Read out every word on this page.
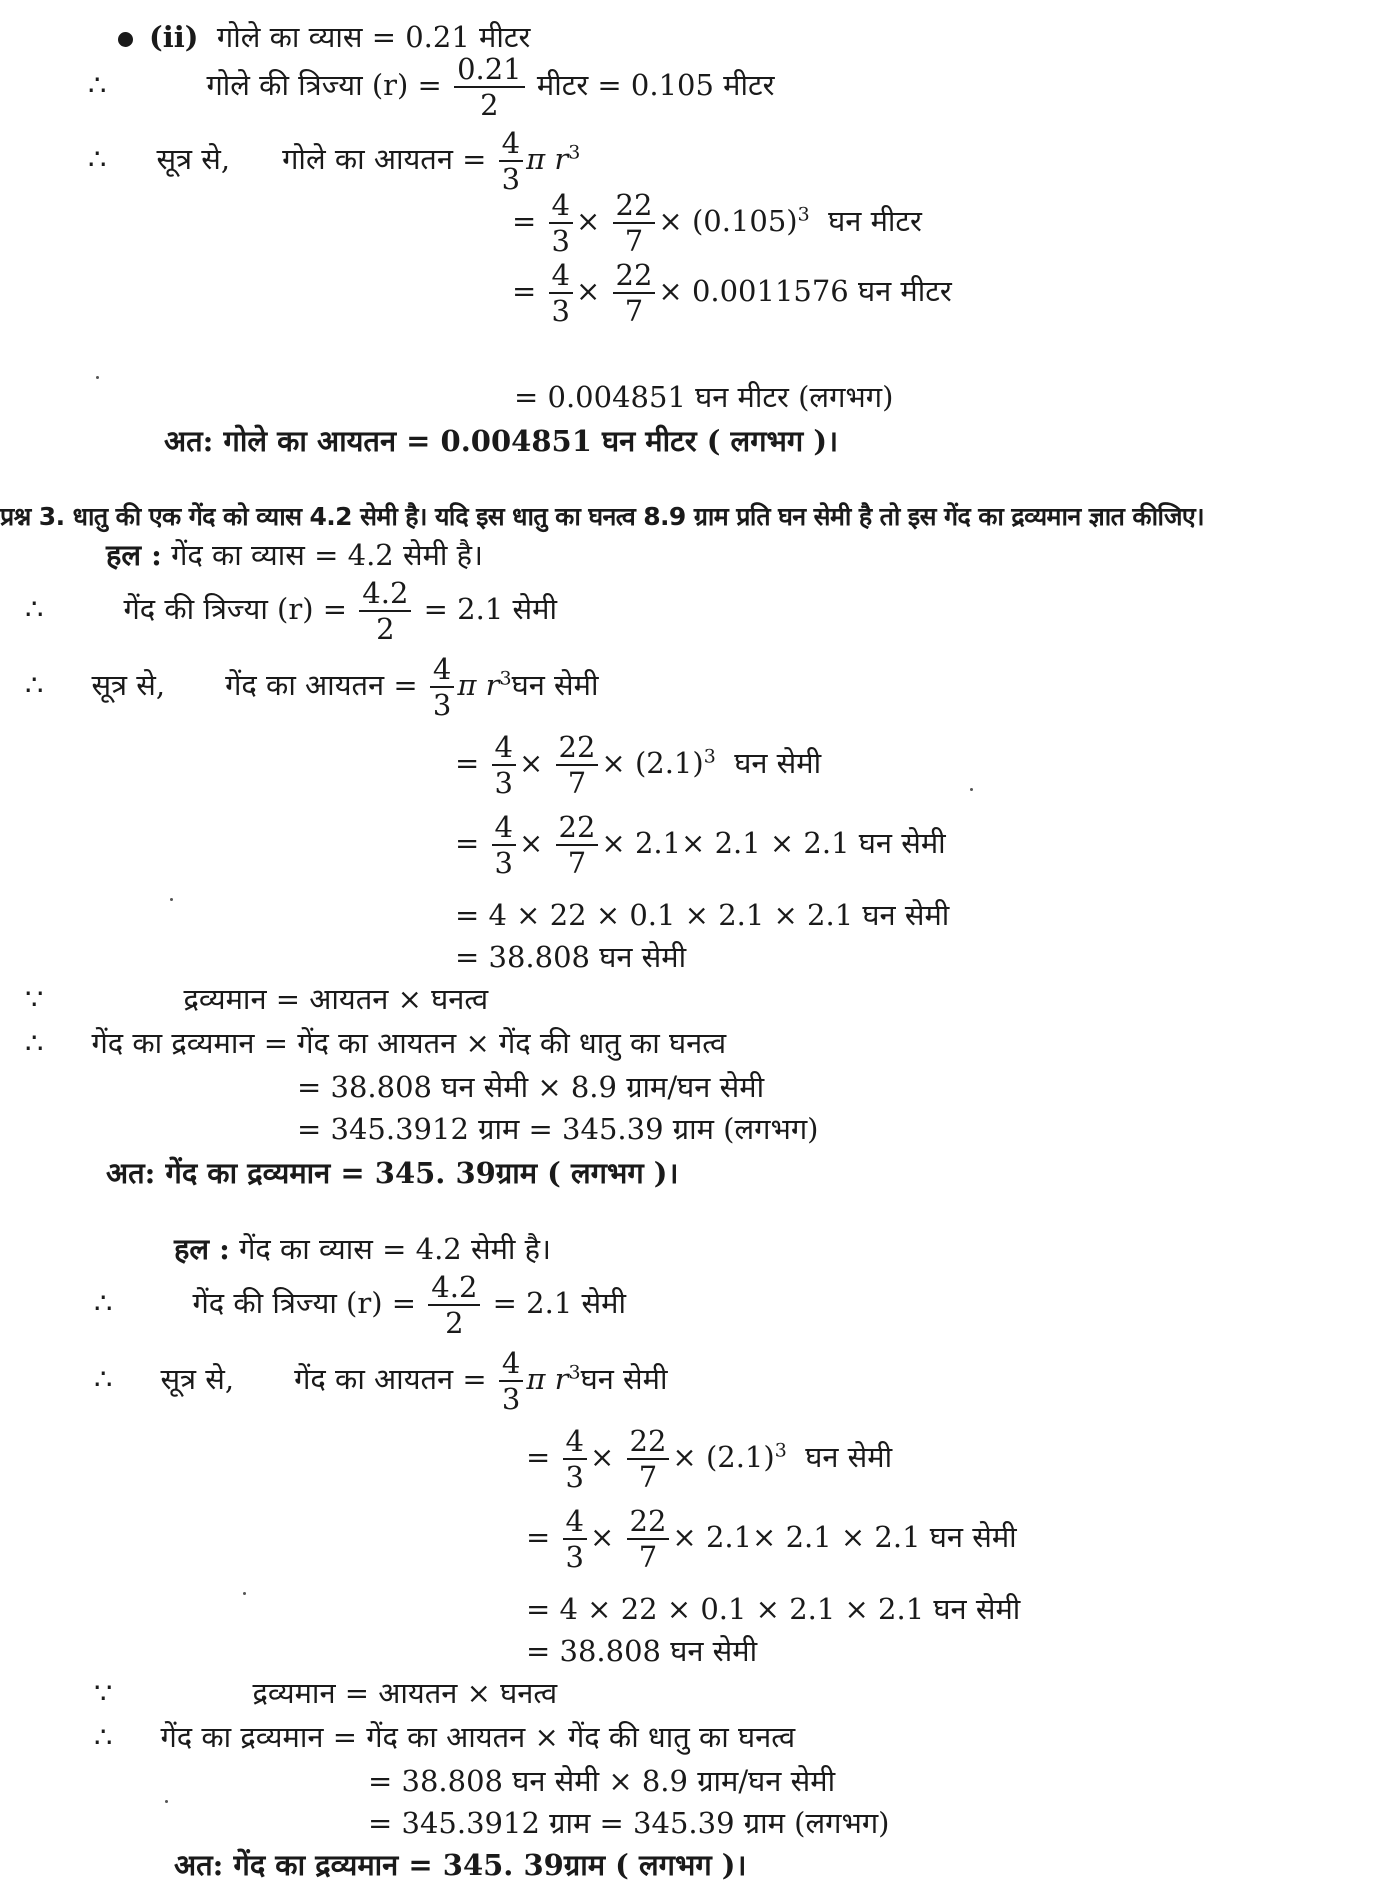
(ii) गोले का व्यास = 0.21 मीटर
∴	गोले की त्रिज्या $(r) = \frac{0.21}{2}$ मीटर = 0.105 मीटर
∴ सूत्र से, गोले का आयतन = $\frac{4}{3}$ π $r^3$
= $\frac{4}{3} \times \frac{22}{7} \times (0.105)^3$ घन मीटर
= $\frac{4}{3} \times \frac{22}{7} \times 0.0011576$ घन मीटर
= 0.004851 घन मीटर (लगभग)
अत: गोले का आयतन = 0.004851 घन मीटर ( लगभग )।
प्रश्न 3. धातु की एक गेंद को व्यास 4.2 सेमी है। यदि इस धातु का घनत्व 8.9 ग्राम प्रति घन सेमी है तो इस गेंद का द्रव्यमान ज्ञात कीजिए।
हल : गेंद का व्यास = 4.2 सेमी है।
∴	गेंद की त्रिज्या $(r) = \frac{4.2}{2} = 2.1$ सेमी
∴ सूत्र से, गेंद का आयतन = $\frac{4}{3}$ π $r^3घन$ सेमी
= $\frac{4}{3} \times \frac{22}{7} \times (2.1)^3$ घन सेमी
= $\frac{4}{3} \times \frac{22}{7} \times 2.1\times 2.1 \times 2.1$ घन सेमी
= 4 × 22 × 0.1 × 2.1 × 2.1 घन सेमी
= 38.808 घन सेमी
∵	द्रव्यमान = आयतन × घनत्व
∴ गेंद का द्रव्यमान = गेंद का आयतन × गेंद की धातु का घनत्व
= 38.808 घन सेमी × 8.9 ग्राम/घन सेमी
= 345.3912 ग्राम = 345.39 ग्राम (लगभग)
अत: गेंद का द्रव्यमान = 345. 39ग्राम ( लगभग )।
हल : गेंद का व्यास = 4.2 सेमी है।
∴	गेंद की त्रिज्या $(r) = \frac{4.2}{2} = 2.1$ सेमी
∴ सूत्र से, गेंद का आयतन = $\frac{4}{3}$ π $r^3घन$ सेमी
= $\frac{4}{3} \times \frac{22}{7} \times (2.1)^3$ घन सेमी
= $\frac{4}{3} \times \frac{22}{7} \times 2.1\times 2.1 \times 2.1$ घन सेमी
= 4 × 22 × 0.1 × 2.1 × 2.1 घन सेमी
= 38.808 घन सेमी
∵	द्रव्यमान = आयतन × घनत्व
∴ गेंद का द्रव्यमान = गेंद का आयतन × गेंद की धातु का घनत्व
= 38.808 घन सेमी × 8.9 ग्राम/घन सेमी
= 345.3912 ग्राम = 345.39 ग्राम (लगभग)
अत: गेंद का द्रव्यमान = 345. 39ग्राम ( लगभग )।
